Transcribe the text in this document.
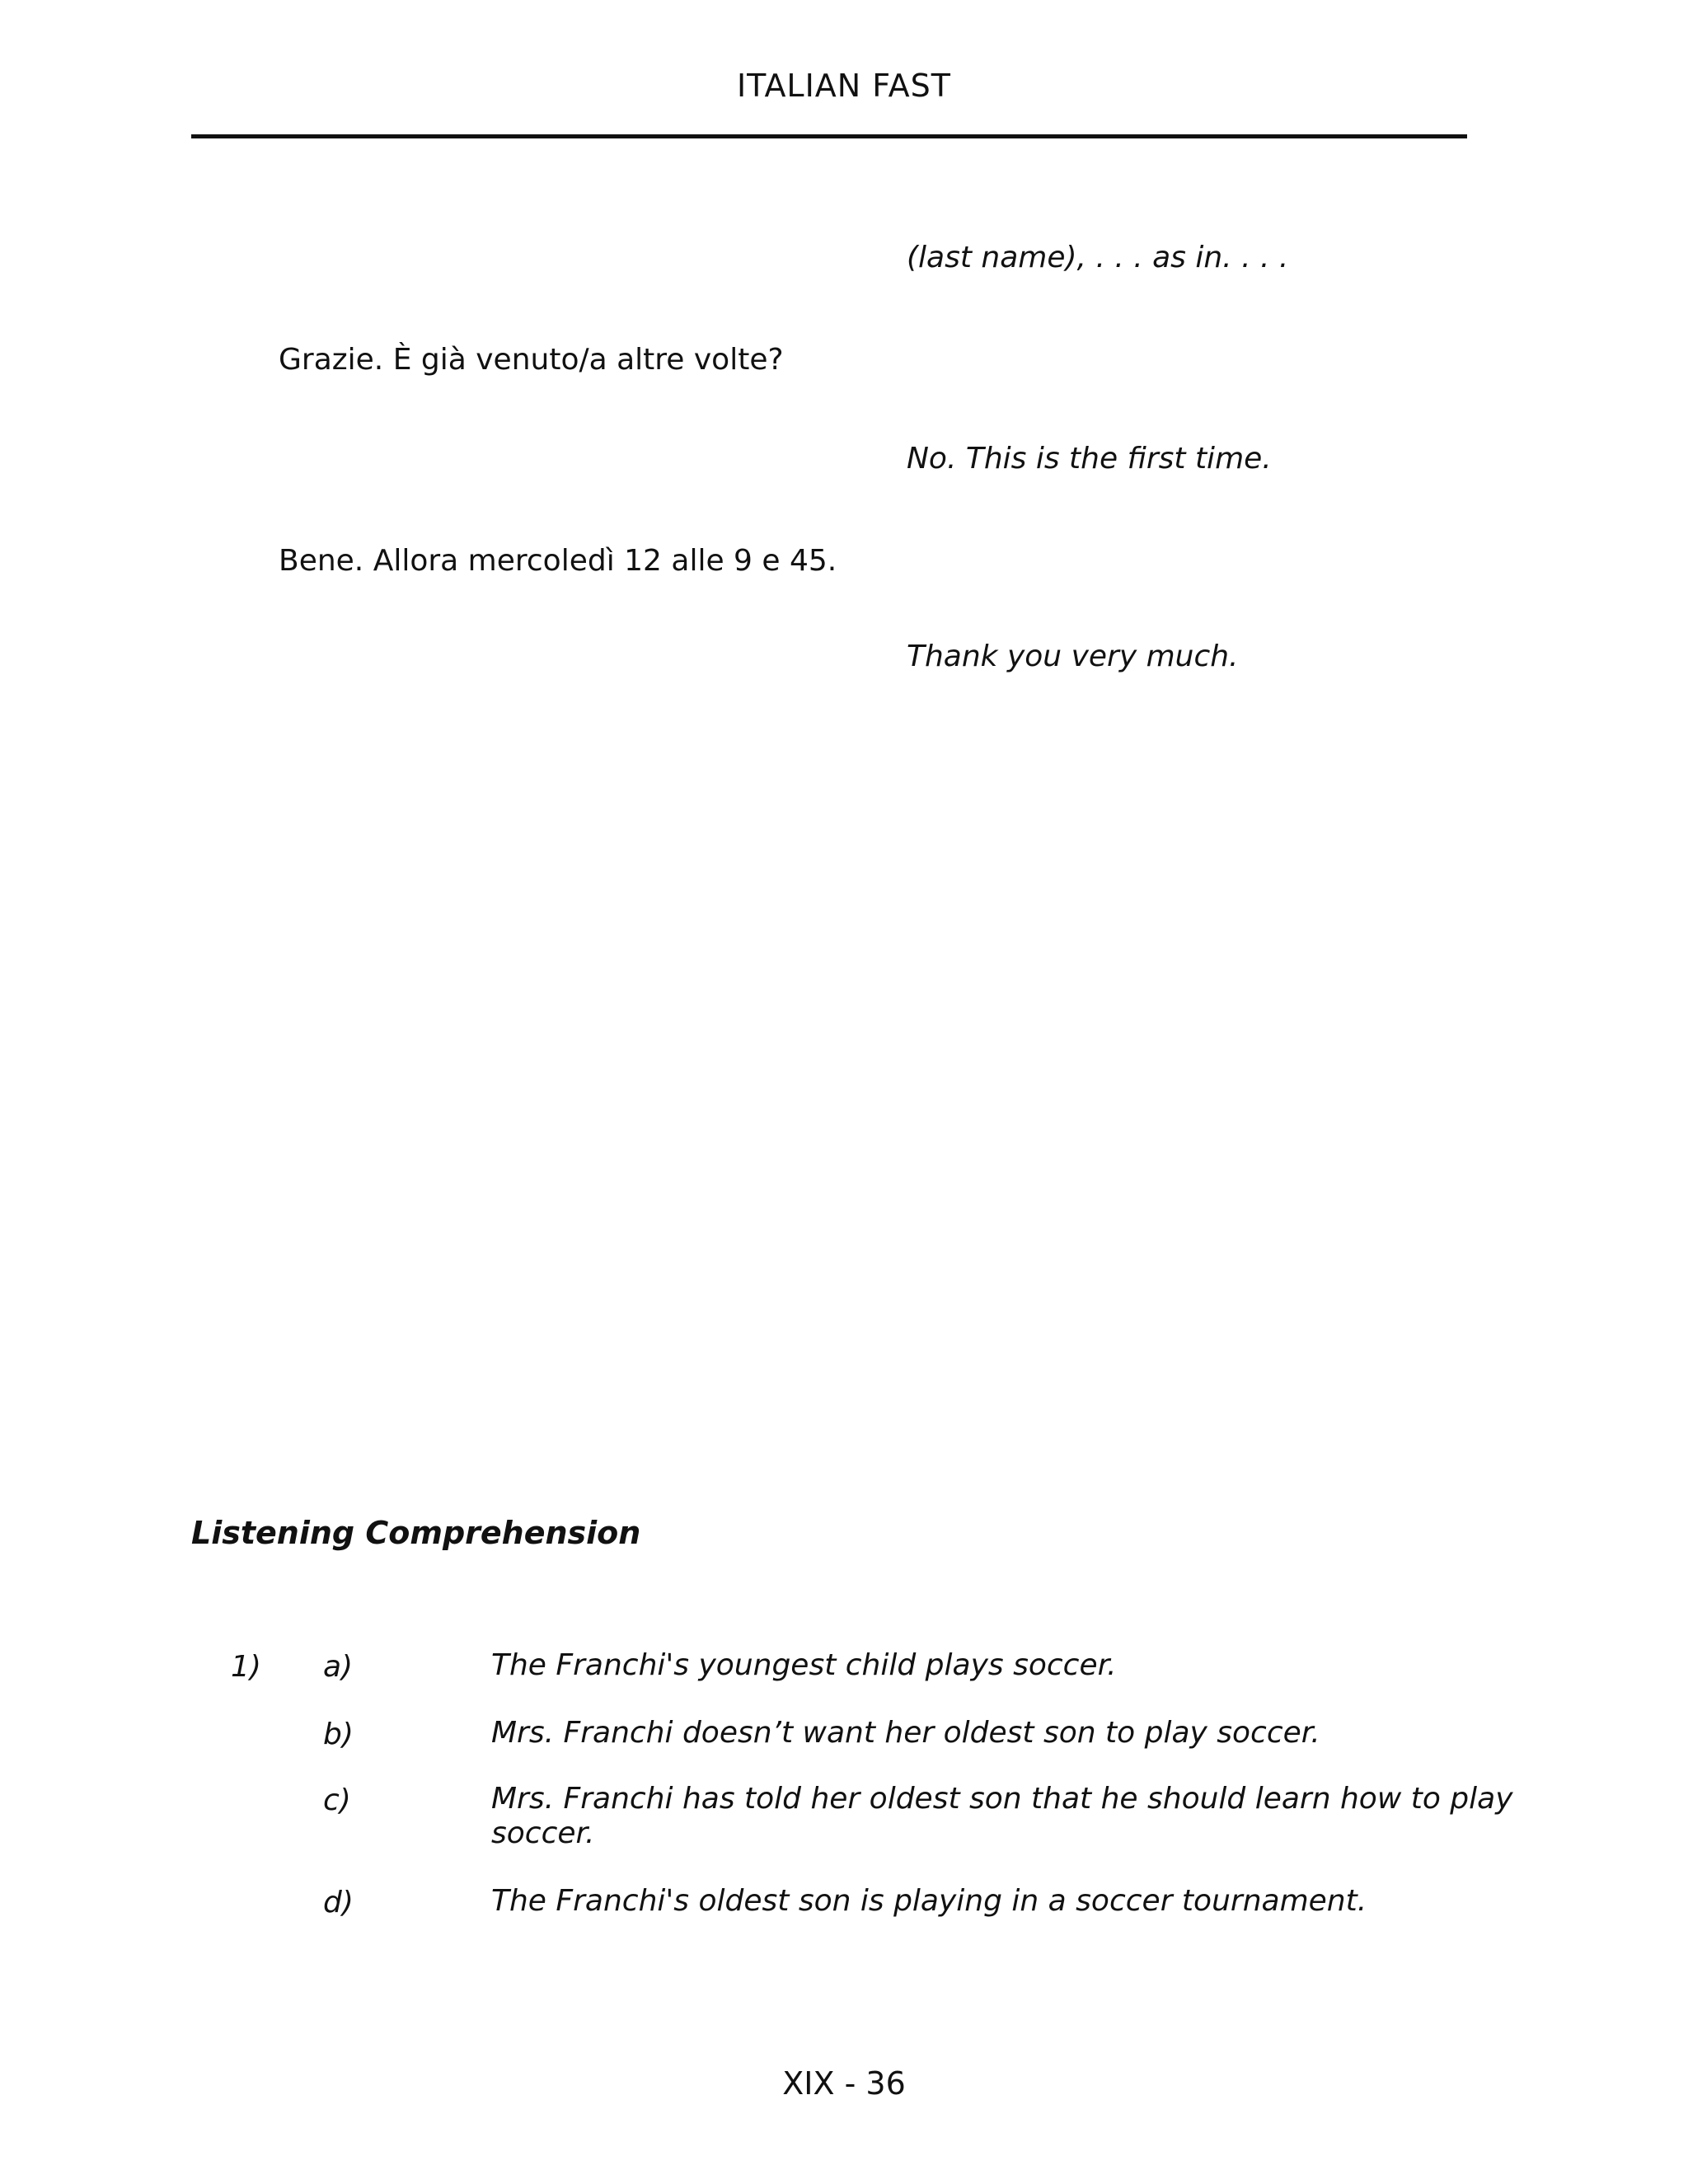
ITALIAN FAST
(last name), . . . as in. . . .
Grazie. È già venuto/a altre volte?
No. This is the first time.
Bene. Allora mercoledì 12 alle 9 e 45.
Thank you very much.
Listening Comprehension
1) a)	The Franchi's youngest child plays soccer.
b)	Mrs. Franchi doesn’t want her oldest son to play soccer.
c)	Mrs. Franchi has told her oldest son that he should learn how to play soccer.
d)	The Franchi's oldest son is playing in a soccer tournament.
XIX - 36
